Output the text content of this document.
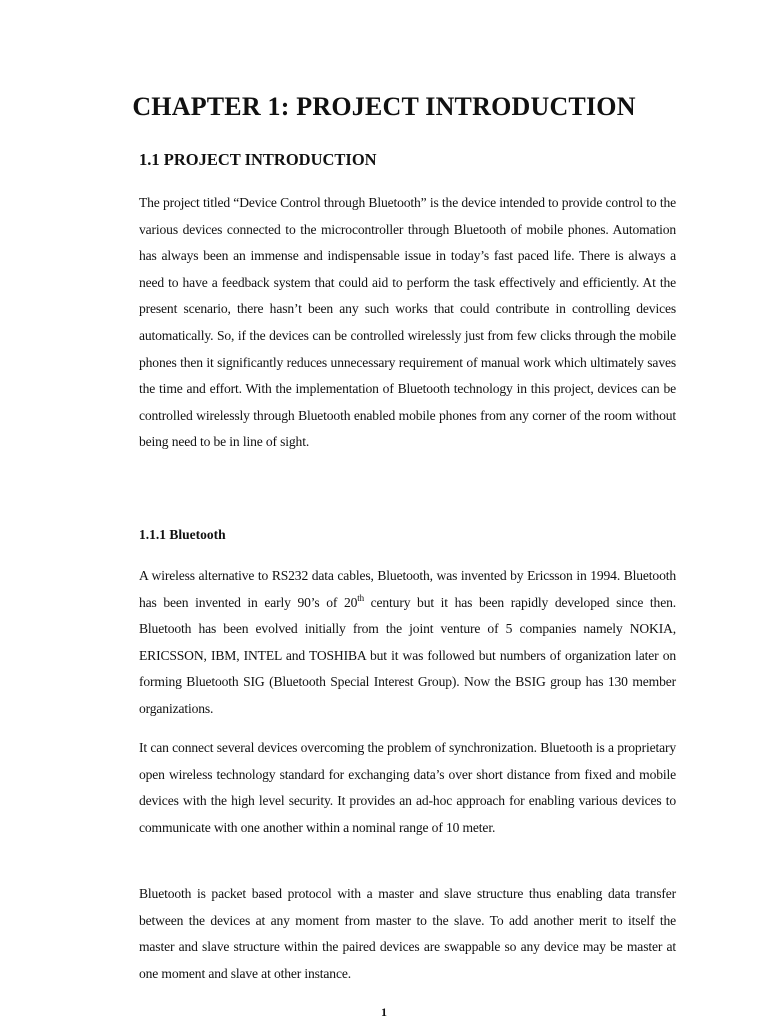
CHAPTER 1: PROJECT INTRODUCTION
1.1 PROJECT INTRODUCTION

The project titled “Device Control through Bluetooth” is the device intended to provide control to the various devices connected to the microcontroller through Bluetooth of mobile phones. Automation has always been an immense and indispensable issue in today’s fast paced life. There is always a need to have a feedback system that could aid to perform the task effectively and efficiently. At the present scenario, there hasn’t been any such works that could contribute in controlling devices automatically. So, if the devices can be controlled wirelessly just from few clicks through the mobile phones then it significantly reduces unnecessary requirement of manual work which ultimately saves the time and effort. With the implementation of Bluetooth technology in this project, devices can be controlled wirelessly through Bluetooth enabled mobile phones from any corner of the room without being need to be in line of sight.

1.1.1 Bluetooth

A wireless alternative to RS232 data cables, Bluetooth, was invented by Ericsson in 1994. Bluetooth has been invented in early 90’s of 20th century but it has been rapidly developed since then. Bluetooth has been evolved initially from the joint venture of 5 companies namely NOKIA, ERICSSON, IBM, INTEL and TOSHIBA but it was followed but numbers of organization later on forming Bluetooth SIG (Bluetooth Special Interest Group). Now the BSIG group has 130 member organizations.

It can connect several devices overcoming the problem of synchronization. Bluetooth is a proprietary open wireless technology standard for exchanging data’s over short distance from fixed and mobile devices with the high level security. It provides an ad-hoc approach for enabling various devices to communicate with one another within a nominal range of 10 meter.

Bluetooth is packet based protocol with a master and slave structure thus enabling data transfer between the devices at any moment from master to the slave. To add another merit to itself the master and slave structure within the paired devices are swappable so any device may be master at one moment and slave at other instance.

1
